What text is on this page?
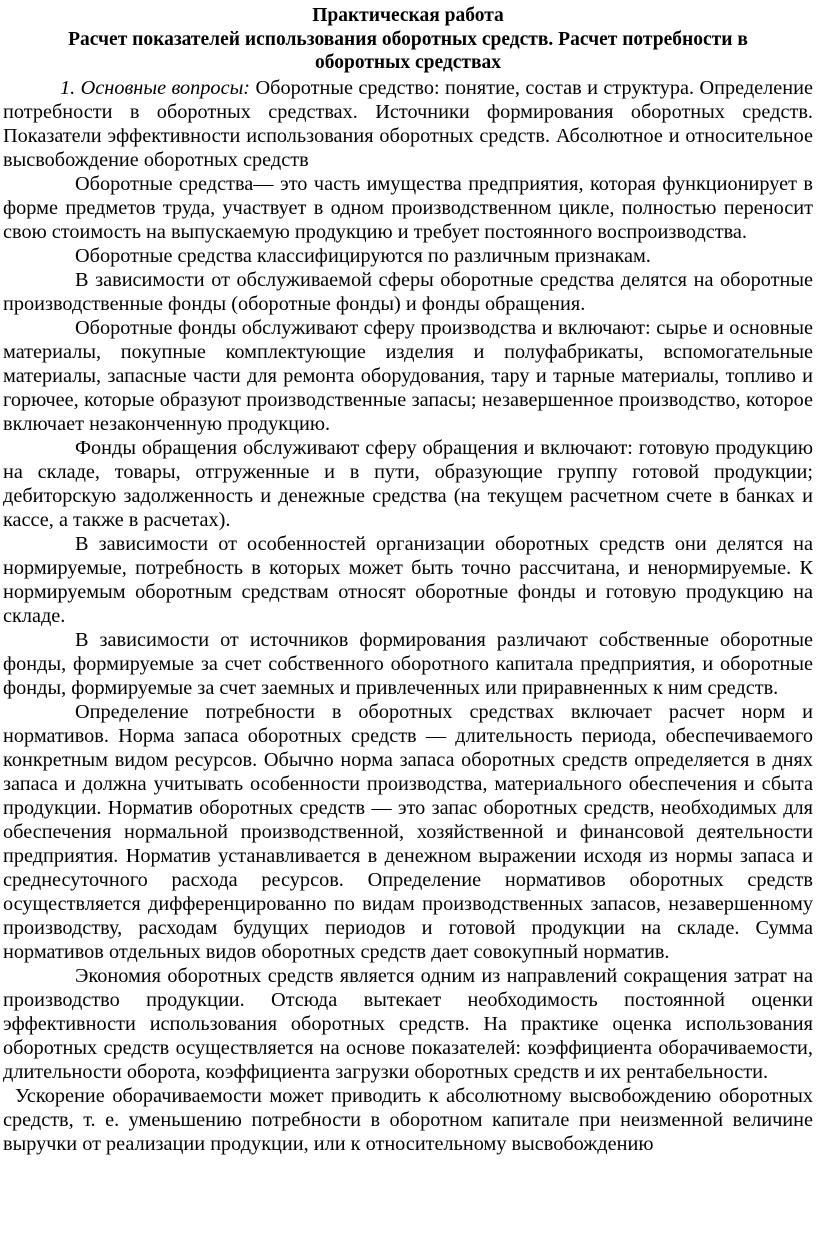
Практическая работа
Расчет показателей использования оборотных средств. Расчет потребности в оборотных средствах

1. Основные вопросы: Оборотные средство: понятие, состав и структура. Определение потребности в оборотных средствах. Источники формирования оборотных средств. Показатели эффективности использования оборотных средств. Абсолютное и относительное высвобождение оборотных средств

Оборотные средства— это часть имущества предприятия, которая функционирует в форме предметов труда, участвует в одном производственном цикле, полностью переносит свою стоимость на выпускаемую продукцию и требует постоянного воспроизводства.

Оборотные средства классифицируются по различным признакам.

В зависимости от обслуживаемой сферы оборотные средства делятся на оборотные производственные фонды (оборотные фонды) и фонды обращения.

Оборотные фонды обслуживают сферу производства и включают: сырье и основные материалы, покупные комплектующие изделия и полуфабрикаты, вспомогательные материалы, запасные части для ремонта оборудования, тару и тарные материалы, топливо и горючее, которые образуют производственные запасы; незавершенное производство, которое включает незаконченную продукцию.

Фонды обращения обслуживают сферу обращения и включают: готовую продукцию на складе, товары, отгруженные и в пути, образующие группу готовой продукции; дебиторскую задолженность и денежные средства (на текущем расчетном счете в банках и кассе, а также в расчетах).

В зависимости от особенностей организации оборотных средств они делятся на нормируемые, потребность в которых может быть точно рассчитана, и ненормируемые. К нормируемым оборотным средствам относят оборотные фонды и готовую продукцию на складе.

В зависимости от источников формирования различают собственные оборотные фонды, формируемые за счет собственного оборотного капитала предприятия, и оборотные фонды, формируемые за счет заемных и привлеченных или приравненных к ним средств.

Определение потребности в оборотных средствах включает расчет норм и нормативов. Норма запаса оборотных средств — длительность периода, обеспечиваемого конкретным видом ресурсов. Обычно норма запаса оборотных средств определяется в днях запаса и должна учитывать особенности производства, материального обеспечения и сбыта продукции. Норматив оборотных средств — это запас оборотных средств, необходимых для обеспечения нормальной производственной, хозяйственной и финансовой деятельности предприятия. Норматив устанавливается в денежном выражении исходя из нормы запаса и среднесуточного расхода ресурсов. Определение нормативов оборотных средств осуществляется дифференцированно по видам производственных запасов, незавершенному производству, расходам будущих периодов и готовой продукции на складе. Сумма нормативов отдельных видов оборотных средств дает совокупный норматив.

Экономия оборотных средств является одним из направлений сокращения затрат на производство продукции. Отсюда вытекает необходимость постоянной оценки эффективности использования оборотных средств. На практике оценка использования оборотных средств осуществляется на основе показателей: коэффициента оборачиваемости, длительности оборота, коэффициента загрузки оборотных средств и их рентабельности.

Ускорение оборачиваемости может приводить к абсолютному высвобождению оборотных средств, т. е. уменьшению потребности в оборотном капитале при неизменной величине выручки от реализации продукции, или к относительному высвобождению
